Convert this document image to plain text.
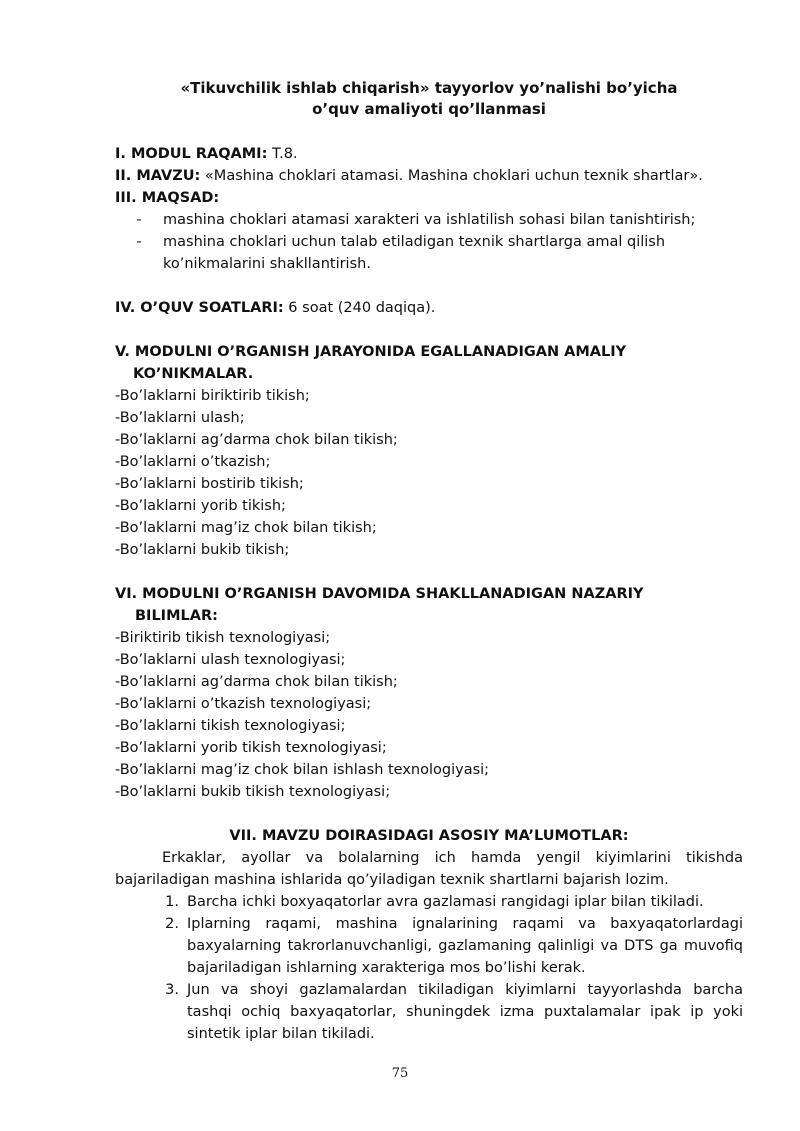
«Tikuvchilik ishlab chiqarish» tayyorlov yo’nalishi bo’yicha

o’quv amaliyoti qo’llanmasi

I. MODUL RAQAMI: T.8.

II. MAVZU: «Mashina choklari atamasi. Mashina choklari uchun texnik shartlar».

III. MAQSAD:

-	mashina choklari atamasi xarakteri va ishlatilish sohasi bilan tanishtirish;
-	mashina choklari uchun talab etiladigan texnik shartlarga amal qilish ko’nikmalarini shakllantirish.

IV. O’QUV SOATLARI: 6 soat (240 daqiqa).

V. MODULNI O’RGANISH JARAYONIDA EGALLANADIGAN AMALIY

KO’NIKMALAR.

-Bo’laklarni biriktirib tikish;

-Bo’laklarni ulash;

-Bo’laklarni ag’darma chok bilan tikish;

-Bo’laklarni o’tkazish;

-Bo’laklarni bostirib tikish;

-Bo’laklarni yorib tikish;

-Bo’laklarni mag’iz chok bilan tikish;

-Bo’laklarni bukib tikish;

VI. MODULNI O’RGANISH DAVOMIDA SHAKLLANADIGAN NAZARIY

BILIMLAR:

-Biriktirib tikish texnologiyasi;

-Bo’laklarni ulash texnologiyasi;

-Bo’laklarni ag’darma chok bilan tikish;

-Bo’laklarni o’tkazish texnologiyasi;

-Bo’laklarni tikish texnologiyasi;

-Bo’laklarni yorib tikish texnologiyasi;

-Bo’laklarni mag’iz chok bilan ishlash texnologiyasi;

-Bo’laklarni bukib tikish texnologiyasi;

VII. MAVZU DOIRASIDAGI ASOSIY MA’LUMOTLAR:

Erkaklar, ayollar va bolalarning ich hamda yengil kiyimlarini tikishda bajariladigan mashina ishlarida qo’yiladigan texnik shartlarni bajarish lozim.

1. Barcha ichki boxyaqatorlar avra gazlamasi rangidagi iplar bilan tikiladi.
2. Iplarning raqami, mashina ignalarining raqami va baxyaqatorlardagi baxyalarning takrorlanuvchanligi, gazlamaning qalinligi va DTS ga muvofiq bajariladigan ishlarning xarakteriga mos bo’lishi kerak.
3. Jun va shoyi gazlamalardan tikiladigan kiyimlarni tayyorlashda barcha tashqi ochiq baxyaqatorlar, shuningdek izma puxtalamalar ipak ip yoki sintetik iplar bilan tikiladi.
75
